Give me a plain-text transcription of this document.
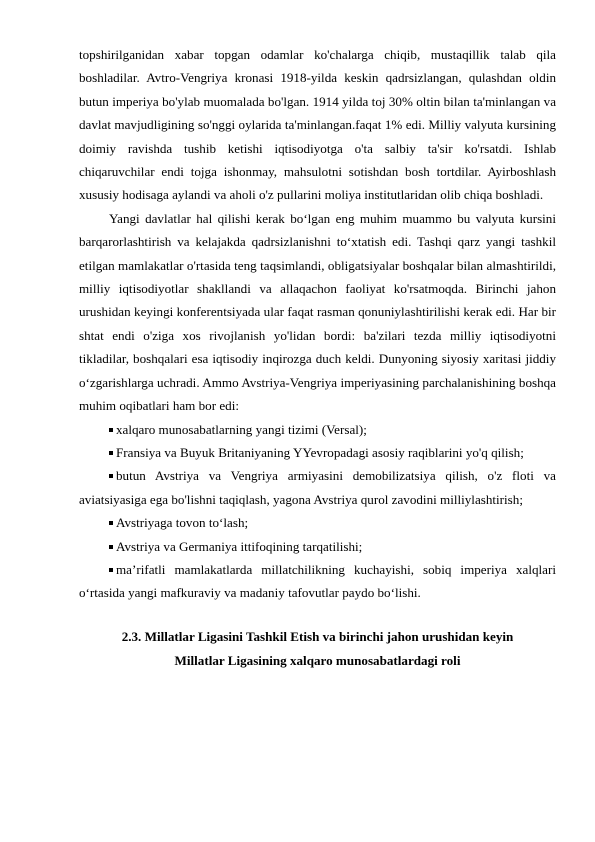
topshirilganidan xabar topgan odamlar ko'chalarga chiqib, mustaqillik talab qila boshladilar. Avtro-Vengriya kronasi 1918-yilda keskin qadrsizlangan, qulashdan oldin butun imperiya bo'ylab muomalada bo'lgan. 1914 yilda toj 30% oltin bilan ta'minlangan va davlat mavjudligining so'nggi oylarida ta'minlangan.faqat 1% edi. Milliy valyuta kursining doimiy ravishda tushib ketishi iqtisodiyotga o'ta salbiy ta'sir ko'rsatdi. Ishlab chiqaruvchilar endi tojga ishonmay, mahsulotni sotishdan bosh tortdilar. Ayirboshlash xususiy hodisaga aylandi va aholi o'z pullarini moliya institutlaridan olib chiqa boshladi.

Yangi davlatlar hal qilishi kerak bo‘lgan eng muhim muammo bu valyuta kursini barqarorlashtirish va kelajakda qadrsizlanishni to‘xtatish edi. Tashqi qarz yangi tashkil etilgan mamlakatlar o'rtasida teng taqsimlandi, obligatsiyalar boshqalar bilan almashtirildi, milliy iqtisodiyotlar shakllandi va allaqachon faoliyat ko'rsatmoqda. Birinchi jahon urushidan keyingi konferentsiyada ular faqat rasman qonuniylashtirilishi kerak edi. Har bir shtat endi o'ziga xos rivojlanish yo'lidan bordi: ba'zilari tezda milliy iqtisodiyotni tikladilar, boshqalari esa iqtisodiy inqirozga duch keldi. Dunyoning siyosiy xaritasi jiddiy o‘zgarishlarga uchradi. Ammo Avstriya-Vengriya imperiyasining parchalanishining boshqa muhim oqibatlari ham bor edi:

xalqaro munosabatlarning yangi tizimi (Versal);

Fransiya va Buyuk Britaniyaning YYevropadagi asosiy raqiblarini yo'q qilish;

butun Avstriya va Vengriya armiyasini demobilizatsiya qilish, o'z floti va aviatsiyasiga ega bo'lishni taqiqlash, yagona Avstriya qurol zavodini milliylashtirish;

Avstriyaga tovon to‘lash;

Avstriya va Germaniya ittifoqining tarqatilishi;

ma’rifatli mamlakatlarda millatchilikning kuchayishi, sobiq imperiya xalqlari o‘rtasida yangi mafkuraviy va madaniy tafovutlar paydo bo‘lishi.

2.3. Millatlar Ligasini Tashkil Etish va birinchi jahon urushidan keyin
Millatlar Ligasining xalqaro munosabatlardagi roli
